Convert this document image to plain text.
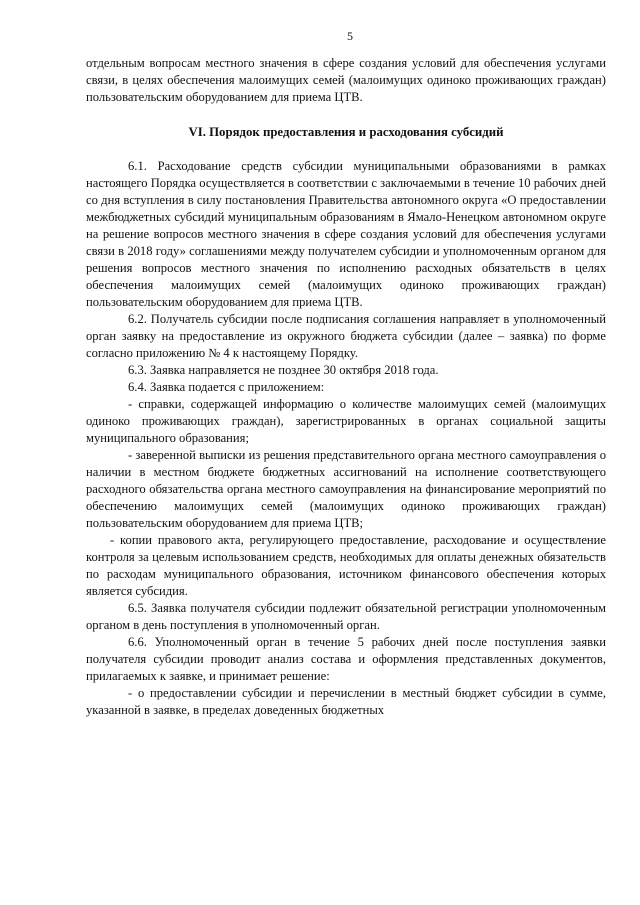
5

отдельным вопросам местного значения в сфере создания условий для обеспечения услугами связи, в целях обеспечения малоимущих семей (малоимущих одиноко проживающих граждан) пользовательским оборудованием для приема ЦТВ.

VI. Порядок предоставления и расходования субсидий

6.1. Расходование средств субсидии муниципальными образованиями в рамках настоящего Порядка осуществляется в соответствии с заключаемыми в течение 10 рабочих дней со дня вступления в силу постановления Правительства автономного округа «О предоставлении межбюджетных субсидий муниципальным образованиям в Ямало-Ненецком автономном округе на решение вопросов местного значения в сфере создания условий для обеспечения услугами связи в 2018 году» соглашениями между получателем субсидии и уполномоченным органом для решения вопросов местного значения по исполнению расходных обязательств в целях обеспечения малоимущих семей (малоимущих одиноко проживающих граждан) пользовательским оборудованием для приема ЦТВ.

6.2. Получатель субсидии после подписания соглашения направляет в уполномоченный орган заявку на предоставление из окружного бюджета субсидии (далее – заявка) по форме согласно приложению № 4 к настоящему Порядку.

6.3. Заявка направляется не позднее 30 октября 2018 года.

6.4. Заявка подается с приложением:

- справки, содержащей информацию о количестве малоимущих семей (малоимущих одиноко проживающих граждан), зарегистрированных в органах социальной защиты муниципального образования;

- заверенной выписки из решения представительного органа местного самоуправления о наличии в местном бюджете бюджетных ассигнований на исполнение соответствующего расходного обязательства органа местного самоуправления на финансирование мероприятий по обеспечению малоимущих семей (малоимущих одиноко проживающих граждан) пользовательским оборудованием для приема ЦТВ;

- копии правового акта, регулирующего предоставление, расходование и осуществление контроля за целевым использованием средств, необходимых для оплаты денежных обязательств по расходам муниципального образования, источником финансового обеспечения которых является субсидия.

6.5. Заявка получателя субсидии подлежит обязательной регистрации уполномоченным органом в день поступления в уполномоченный орган.

6.6. Уполномоченный орган в течение 5 рабочих дней после поступления заявки получателя субсидии проводит анализ состава и оформления представленных документов, прилагаемых к заявке, и принимает решение:

- о предоставлении субсидии и перечислении в местный бюджет субсидии в сумме, указанной в заявке, в пределах доведенных бюджетных
